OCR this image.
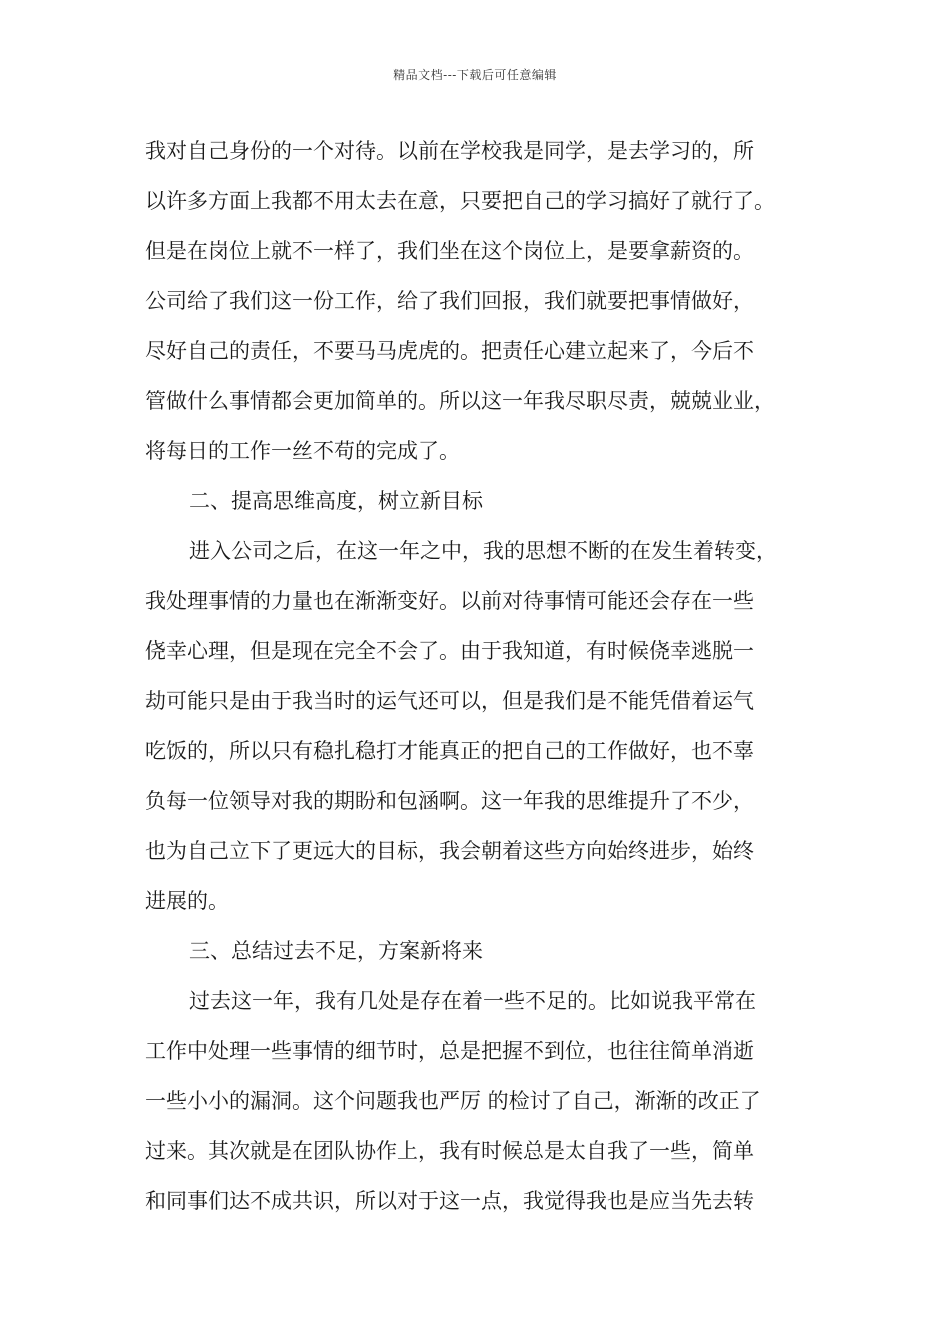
精品文档---下载后可任意编辑
我对自己身份的一个对待。以前在学校我是同学，是去学习的，所
以许多方面上我都不用太去在意，只要把自己的学习搞好了就行了。
但是在岗位上就不一样了，我们坐在这个岗位上，是要拿薪资的。
公司给了我们这一份工作，给了我们回报，我们就要把事情做好，
尽好自己的责任，不要马马虎虎的。把责任心建立起来了，今后不
管做什么事情都会更加简单的。所以这一年我尽职尽责，兢兢业业，
将每日的工作一丝不苟的完成了。
二、提高思维高度，树立新目标
进入公司之后，在这一年之中，我的思想不断的在发生着转变，
我处理事情的力量也在渐渐变好。以前对待事情可能还会存在一些
侥幸心理，但是现在完全不会了。由于我知道，有时候侥幸逃脱一
劫可能只是由于我当时的运气还可以，但是我们是不能凭借着运气
吃饭的，所以只有稳扎稳打才能真正的把自己的工作做好，也不辜
负每一位领导对我的期盼和包涵啊。这一年我的思维提升了不少，
也为自己立下了更远大的目标，我会朝着这些方向始终进步，始终
进展的。
三、总结过去不足，方案新将来
过去这一年，我有几处是存在着一些不足的。比如说我平常在
工作中处理一些事情的细节时，总是把握不到位，也往往简单消逝
一些小小的漏洞。这个问题我也严厉 的检讨了自己，渐渐的改正了
过来。其次就是在团队协作上，我有时候总是太自我了一些，简单
和同事们达不成共识，所以对于这一点，我觉得我也是应当先去转
